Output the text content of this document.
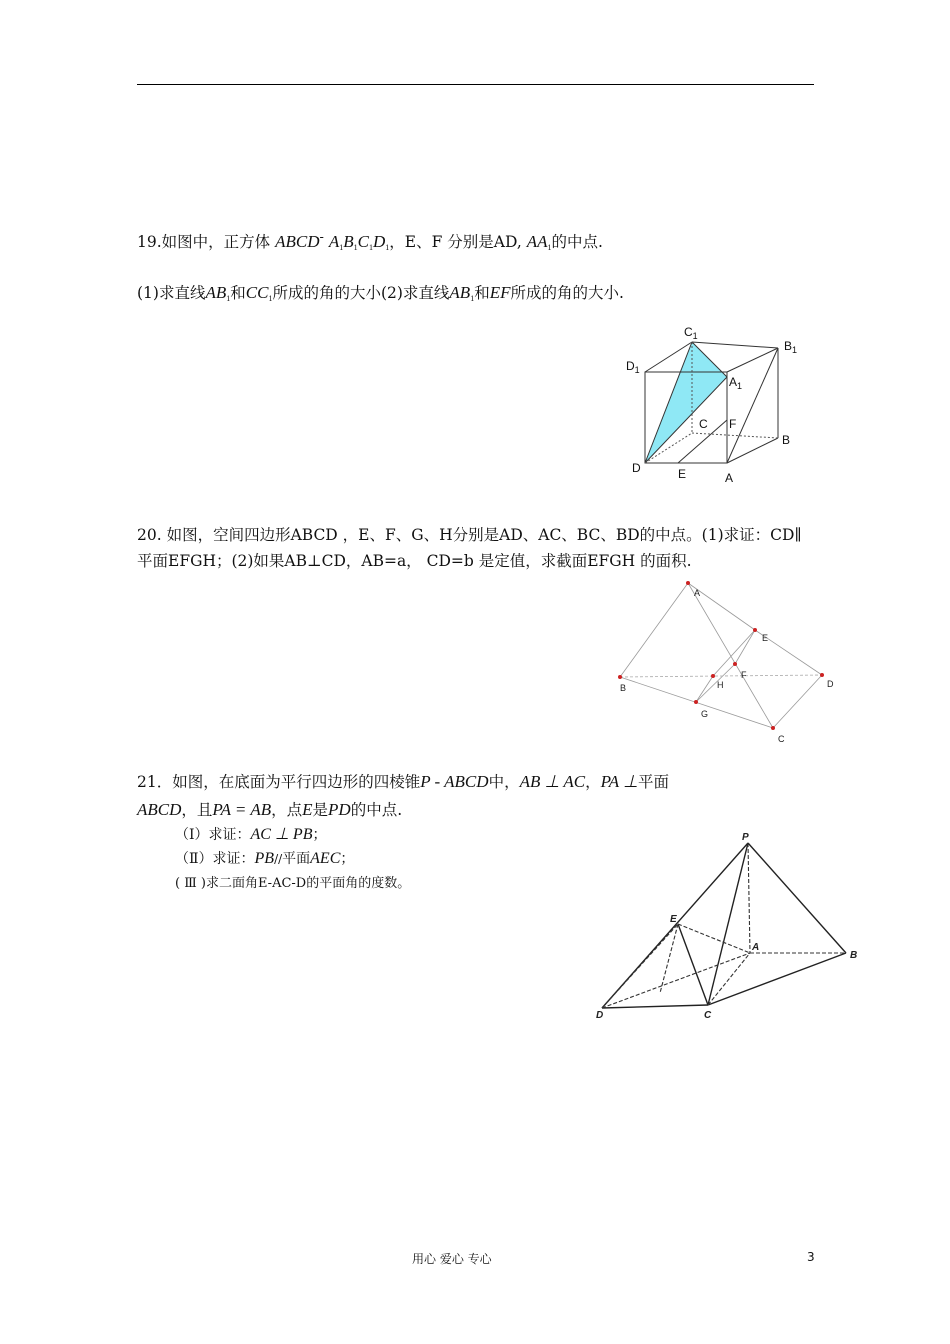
19.如图中，正方体 ABCD- $A_1B_1C_1D_1$，E、F 分别是AD, $AA_1$的中点.
(1)求直线$AB_1$和$CC_1$所成的角的大小(2)求直线$AB_1$和EF所成的角的大小.
$C_1$
$B_1$
$D_1$
$A_1$
C F
B
D	E	A
20. 如图，空间四边形ABCD ，E、F、G、H分别是AD、AC、BC、BD的中点。(1)求证：CD∥
平面EFGH；(2)如果AB⊥CD，AB=a， CD=b 是定值，求截面EFGH 的面积.
A
E
F
H
B	D
G
C
21．如图，在底面为平行四边形的四棱锥P - ABCD中，AB ⊥ AC，PA ⊥平面
ABCD，且PA = AB，点E是PD的中点.
（Ⅰ）求证：AC ⊥ PB；
（Ⅱ）求证：PB//平面AEC；
( Ⅲ )求二面角E-AC-D的平面角的度数。
P
E
A
B
D	C
用心 爱心 专心	3
